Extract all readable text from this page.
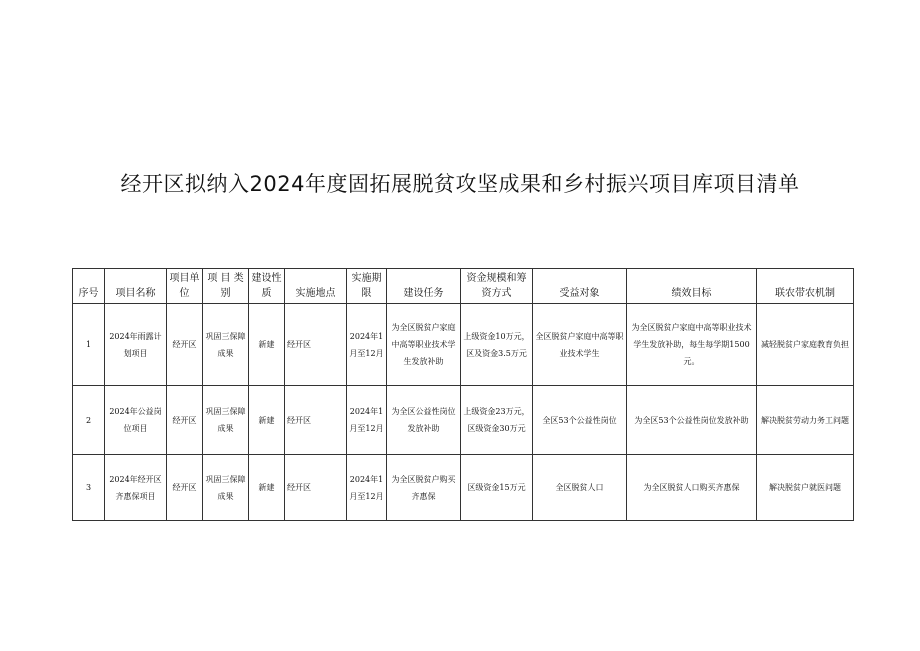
经开区拟纳入2024年度固拓展脱贫攻坚成果和乡村振兴项目库项目清单
序号	项目名称	项目单位	项 目 类别	建设性质	实施地点	实施期限	建设任务	资金规模和筹资方式	受益对象	绩效目标	联农带农机制
1	2024年雨露计划项目	经开区	巩固三保障成果	新建	经开区	2024年1月至12月	为全区脱贫户家庭中高等职业技术学生发放补助	上级资金10万元，区及资金3.5万元	全区脱贫户家庭中高等职业技术学生	为全区脱贫户家庭中高等职业技术学生发放补助，每生每学期1500元。	减轻脱贫户家庭教育负担
2	2024年公益岗位项目	经开区	巩固三保障成果	新建	经开区	2024年1月至12月	为全区公益性岗位发放补助	上级资金23万元，区级资金30万元	全区53个公益性岗位	为全区53个公益性岗位发放补助	解决脱贫劳动力务工问题
3	2024年经开区齐惠保项目	经开区	巩固三保障成果	新建	经开区	2024年1月至12月	为全区脱贫户购买齐惠保	区级资金15万元	全区脱贫人口	为全区脱贫人口购买齐惠保	解决脱贫户就医问题
